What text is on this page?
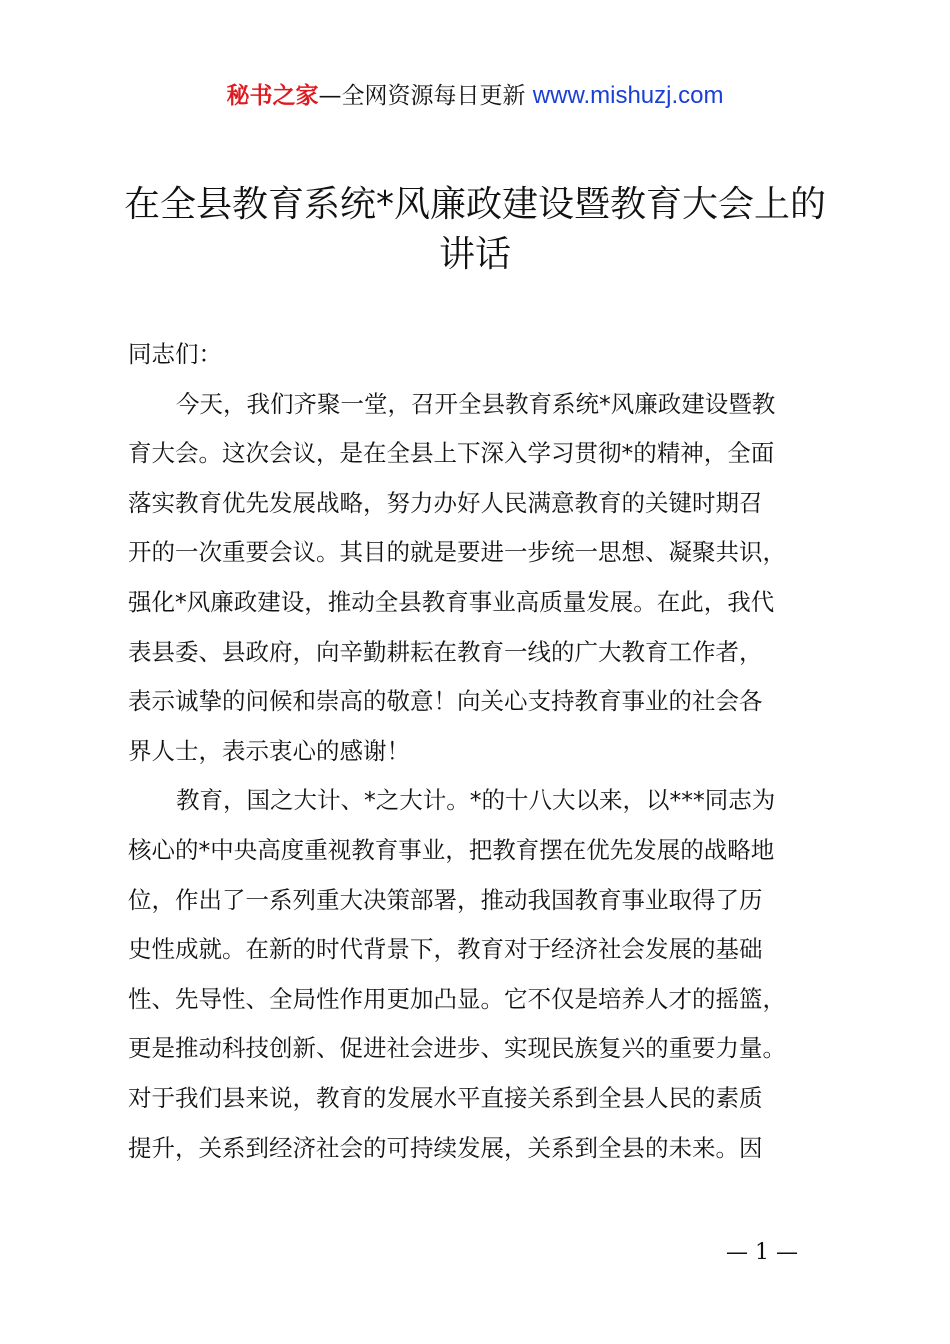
秘书之家—全网资源每日更新 www.mishuzj.com
在全县教育系统*风廉政建设暨教育大会上的
讲话
同志们：
今天，我们齐聚一堂，召开全县教育系统*风廉政建设暨教
育大会。这次会议，是在全县上下深入学习贯彻*的精神，全面
落实教育优先发展战略，努力办好人民满意教育的关键时期召
开的一次重要会议。其目的就是要进一步统一思想、凝聚共识，
强化*风廉政建设，推动全县教育事业高质量发展。在此，我代
表县委、县政府，向辛勤耕耘在教育一线的广大教育工作者，
表示诚挚的问候和崇高的敬意！向关心支持教育事业的社会各
界人士，表示衷心的感谢！
教育，国之大计、*之大计。*的十八大以来，以***同志为
核心的*中央高度重视教育事业，把教育摆在优先发展的战略地
位，作出了一系列重大决策部署，推动我国教育事业取得了历
史性成就。在新的时代背景下，教育对于经济社会发展的基础
性、先导性、全局性作用更加凸显。它不仅是培养人才的摇篮，
更是推动科技创新、促进社会进步、实现民族复兴的重要力量。
对于我们县来说，教育的发展水平直接关系到全县人民的素质
提升，关系到经济社会的可持续发展，关系到全县的未来。因
— 1 —
